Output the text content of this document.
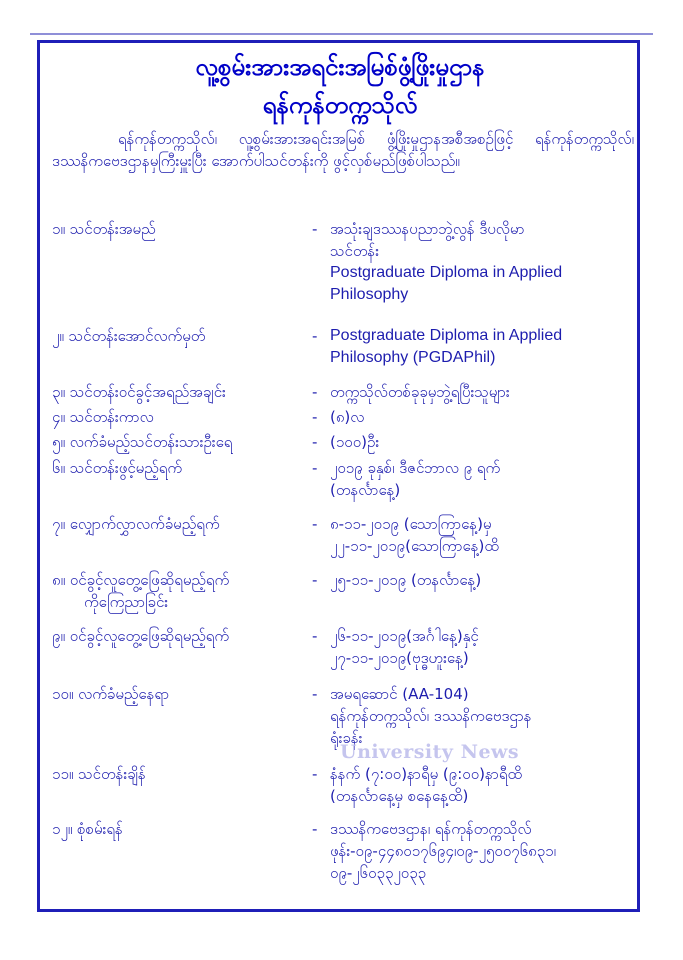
လူ့စွမ်းအားအရင်းအမြစ်ဖွံ့ဖြိုးမှုဌာန
ရန်ကုန်တက္ကသိုလ်
ရန်ကုန်တက္ကသိုလ်၊ လူ့စွမ်းအားအရင်းအမြစ် ဖွံ့ဖြိုးမှုဌာနအစီအစဉ်ဖြင့် ရန်ကုန်တက္ကသိုလ်၊ ဒဿနိကဗေဒဌာနမှကြီးမှူးပြီး အောက်ပါသင်တန်းကို ဖွင့်လှစ်မည်ဖြစ်ပါသည်။
၁။ သင်တန်းအမည်	- အသုံးချဒဿနပညာဘွဲ့လွန် ဒီပလိုမာ
သင်တန်း
Postgraduate Diploma in Applied
Philosophy
၂။ သင်တန်းအောင်လက်မှတ်	- Postgraduate Diploma in Applied
Philosophy (PGDAPhil)
၃။ သင်တန်းဝင်ခွင့်အရည်အချင်း	- တက္ကသိုလ်တစ်ခုခုမှဘွဲ့ရပြီးသူများ
၄။ သင်တန်းကာလ	- (၈)လ
၅။ လက်ခံမည့်သင်တန်းသားဦးရေ	- (၁၀၀)ဦး
၆။ သင်တန်းဖွင့်မည့်ရက်	- ၂၀၁၉ ခုနှစ်၊ ဒီဇင်ဘာလ ၉ ရက်
(တနင်္လာနေ့)
၇။ လျှောက်လွှာလက်ခံမည့်ရက်	- ၈-၁၁-၂၀၁၉ (သောကြာနေ့)မှ
၂၂-၁၁-၂၀၁၉(သောကြာနေ့)ထိ
၈။ ဝင်ခွင့်လူတွေ့ဖြေဆိုရမည့်ရက်
ကိုကြေညာခြင်း
- ၂၅-၁၁-၂၀၁၉ (တနင်္လာနေ့)
၉။ ဝင်ခွင့်လူတွေ့ဖြေဆိုရမည့်ရက်	- ၂၆-၁၁-၂၀၁၉(အင်္ဂါနေ့)နှင့်
၂၇-၁၁-၂၀၁၉(ဗုဒ္ဓဟူးနေ့)
၁၀။ လက်ခံမည့်နေရာ	- အမရဆောင် (AA-104)
ရန်ကုန်တက္ကသိုလ်၊ ဒဿနိကဗေဒဌာန
ရုံးခန်း
University News
၁၁။ သင်တန်းချိန်	- နံနက် (၇:၀၀)နာရီမှ (၉:၀၀)နာရီထိ
(တနင်္လာနေ့မှ စနေနေ့ထိ)
၁၂။ စုံစမ်းရန်	- ဒဿနိကဗေဒဌာန၊ ရန်ကုန်တက္ကသိုလ်
ဖုန်း-၀၉-၄၄၈၀၁၇၆၉၄၊၀၉-၂၅၀၀၇၆၈၃၁၊
၀၉-၂၆၀၃၃၂၀၃၃
